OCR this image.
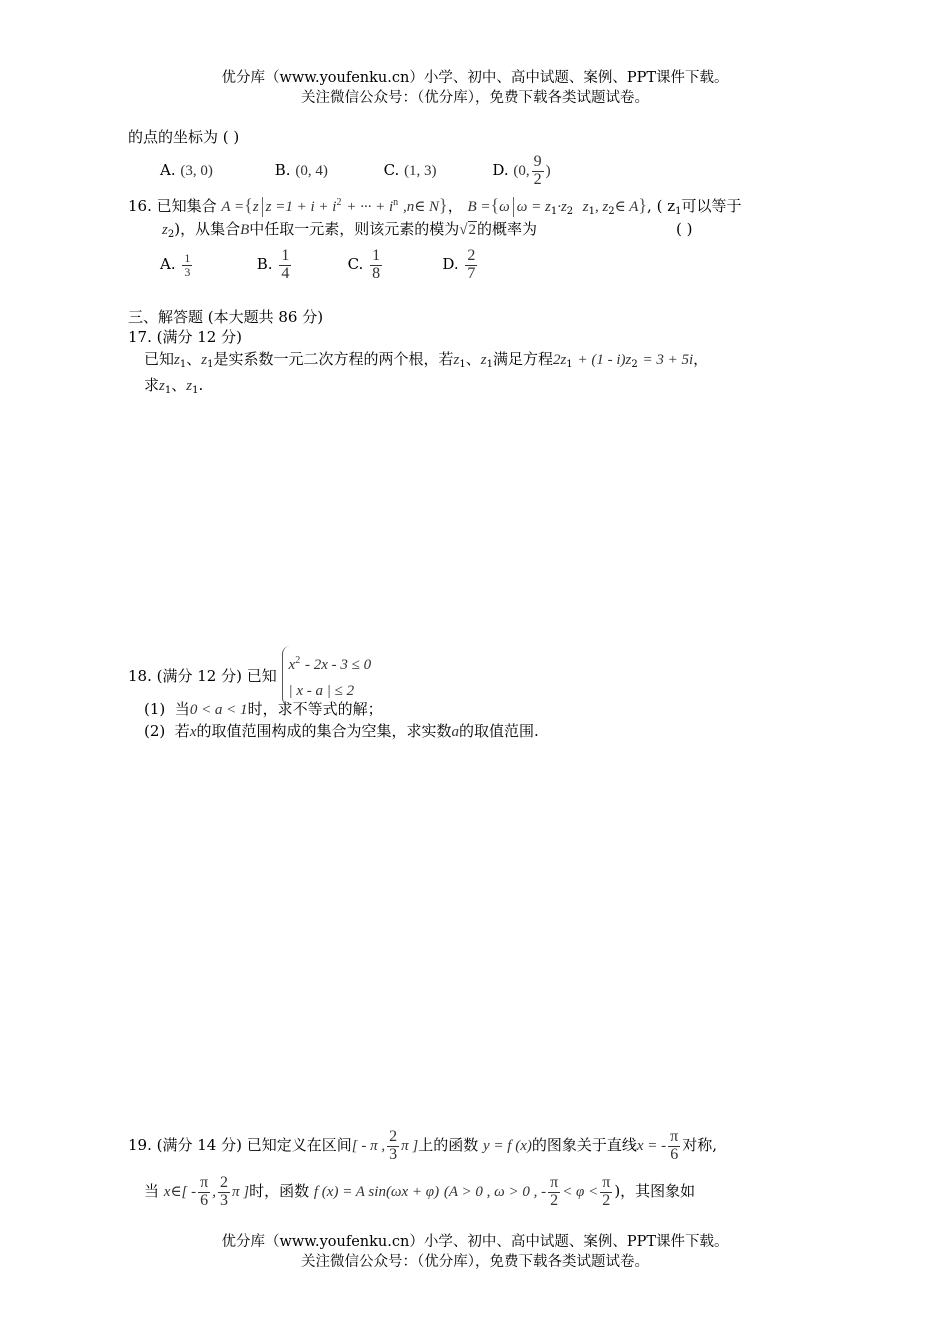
优分库（www.youfenku.cn）小学、初中、高中试题、案例、PPT课件下载。
关注微信公众号：（优分库），免费下载各类试题试卷。
的点的坐标为 ( )
A. (3, 0)	B. (0, 4)	C. (1, 3)	D. (0, $\frac{9}{2}$ )
16. 已知集合 A ={z $z =1 + i + i^2$ + ··· + $i^n$ ,n∈ N}， B ={ω $\omega = z_1\cdot z_2$ $z_1$, $z_2\in$ A}, ( $z_1$可以等于
$z_2$)，从集合B中任取一元素，则该元素的模为√2的概率为	( )
A. $\frac{1}{3}$	B. $\frac{1}{4}$	C. $\frac{1}{8}$	D. $\frac{2}{7}$
三、解答题 (本大题共 86 分)
17. (满分 12 分)
已知$z_1$、$z_1$是实系数一元二次方程的两个根，若$z_1$、$z_1$满足方程$2z_1 + (1 - i)z_2 = 3 + 5i$，
求$z_1$、$z_1$.
18. (满分 12 分) 已知
$x^2 - 2x - 3 \le 0$
| x - a | ≤ 2
(1) 当0 < a < 1时，求不等式的解；
(2) 若x的取值范围构成的集合为空集，求实数a的取值范围.
19. (满分 14 分) 已知定义在区间[ - π , $\frac{2}{3}$ π ]上的函数 y = f (x)的图象关于直线x = - $\frac{\pi}{6}$ 对称,
当 x∈[ - $\frac{\pi}{6}$ , $\frac{2}{3}$ π ]时，函数 f (x) = A sin(ωx + φ) (A > 0 , ω > 0 , - $\frac{\pi}{2} < \varphi < \frac{\pi}{2}$ )，其图象如
优分库（www.youfenku.cn）小学、初中、高中试题、案例、PPT课件下载。
关注微信公众号：（优分库），免费下载各类试题试卷。
